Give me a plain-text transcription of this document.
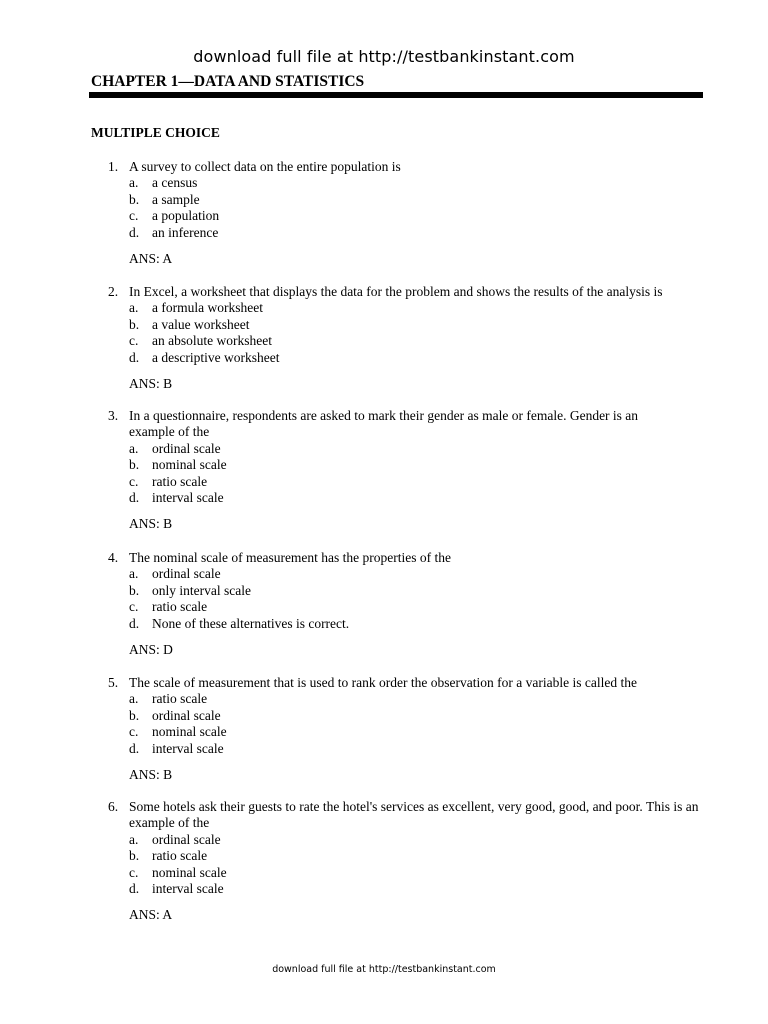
download full file at http://testbankinstant.com
CHAPTER 1—DATA AND STATISTICS
MULTIPLE CHOICE
1. A survey to collect data on the entire population is
a. a census
b. a sample
c. a population
d. an inference
ANS: A
2. In Excel, a worksheet that displays the data for the problem and shows the results of the analysis is
a. a formula worksheet
b. a value worksheet
c. an absolute worksheet
d. a descriptive worksheet
ANS: B
3. In a questionnaire, respondents are asked to mark their gender as male or female. Gender is an example of the
a. ordinal scale
b. nominal scale
c. ratio scale
d. interval scale
ANS: B
4. The nominal scale of measurement has the properties of the
a. ordinal scale
b. only interval scale
c. ratio scale
d. None of these alternatives is correct.
ANS: D
5. The scale of measurement that is used to rank order the observation for a variable is called the
a. ratio scale
b. ordinal scale
c. nominal scale
d. interval scale
ANS: B
6. Some hotels ask their guests to rate the hotel's services as excellent, very good, good, and poor. This is an example of the
a. ordinal scale
b. ratio scale
c. nominal scale
d. interval scale
ANS: A
download full file at http://testbankinstant.com
